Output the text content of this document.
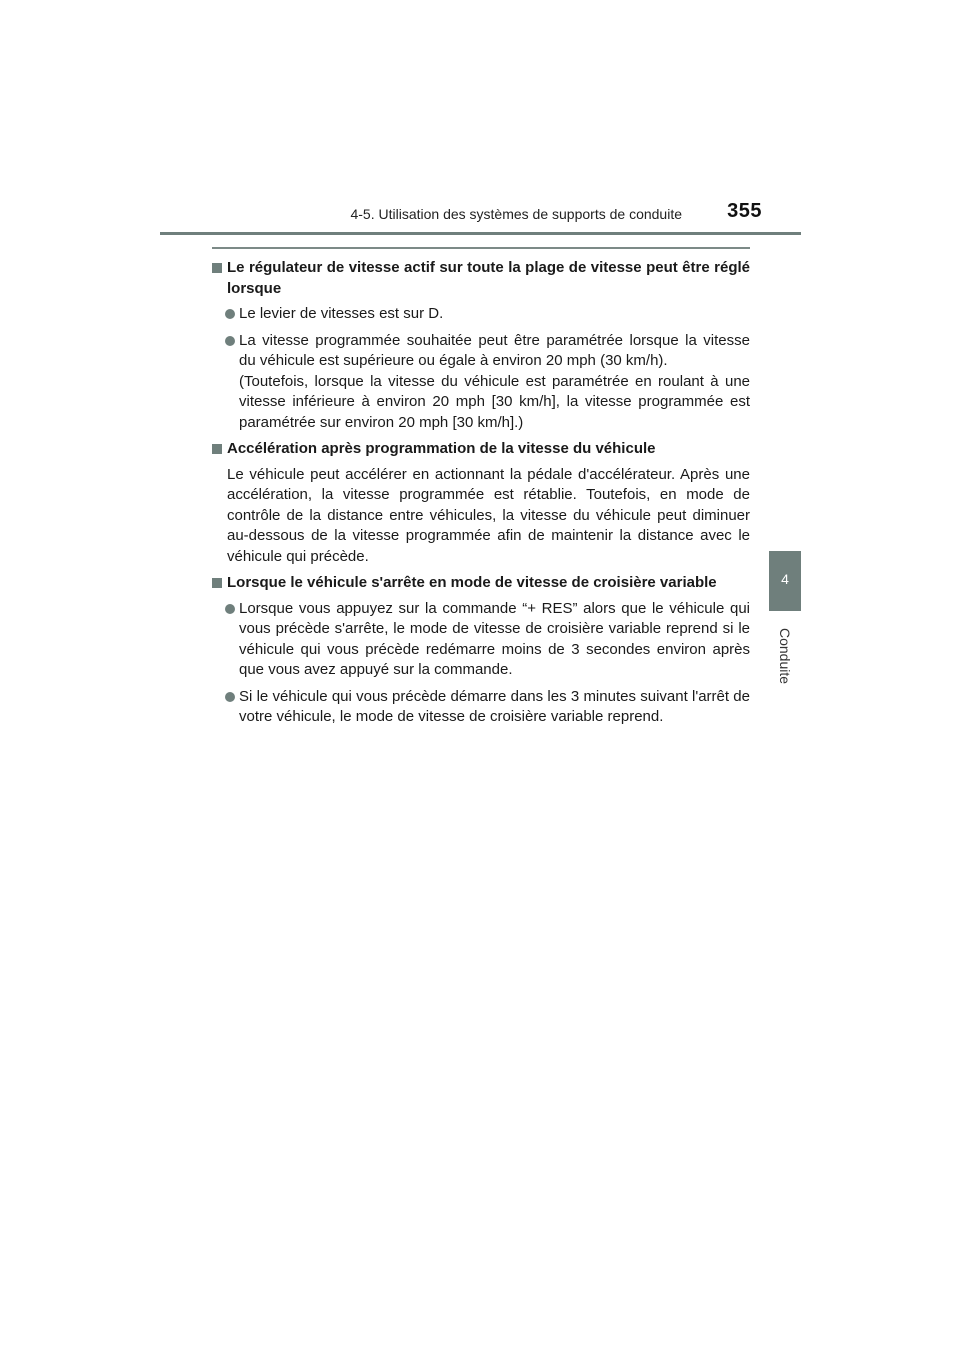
4-5. Utilisation des systèmes de supports de conduite 355
4
Conduite
Le régulateur de vitesse actif sur toute la plage de vitesse peut être réglé lorsque
Le levier de vitesses est sur D.
La vitesse programmée souhaitée peut être paramétrée lorsque la vitesse du véhicule est supérieure ou égale à environ 20 mph (30 km/h).
(Toutefois, lorsque la vitesse du véhicule est paramétrée en roulant à une vitesse inférieure à environ 20 mph [30 km/h], la vitesse programmée est paramétrée sur environ 20 mph [30 km/h].)
Accélération après programmation de la vitesse du véhicule
Le véhicule peut accélérer en actionnant la pédale d'accélérateur. Après une accélération, la vitesse programmée est rétablie. Toutefois, en mode de contrôle de la distance entre véhicules, la vitesse du véhicule peut diminuer au-dessous de la vitesse programmée afin de maintenir la distance avec le véhicule qui précède.
Lorsque le véhicule s'arrête en mode de vitesse de croisière variable
Lorsque vous appuyez sur la commande “+ RES” alors que le véhicule qui vous précède s'arrête, le mode de vitesse de croisière variable reprend si le véhicule qui vous précède redémarre moins de 3 secondes environ après que vous avez appuyé sur la commande.
Si le véhicule qui vous précède démarre dans les 3 minutes suivant l'arrêt de votre véhicule, le mode de vitesse de croisière variable reprend.
